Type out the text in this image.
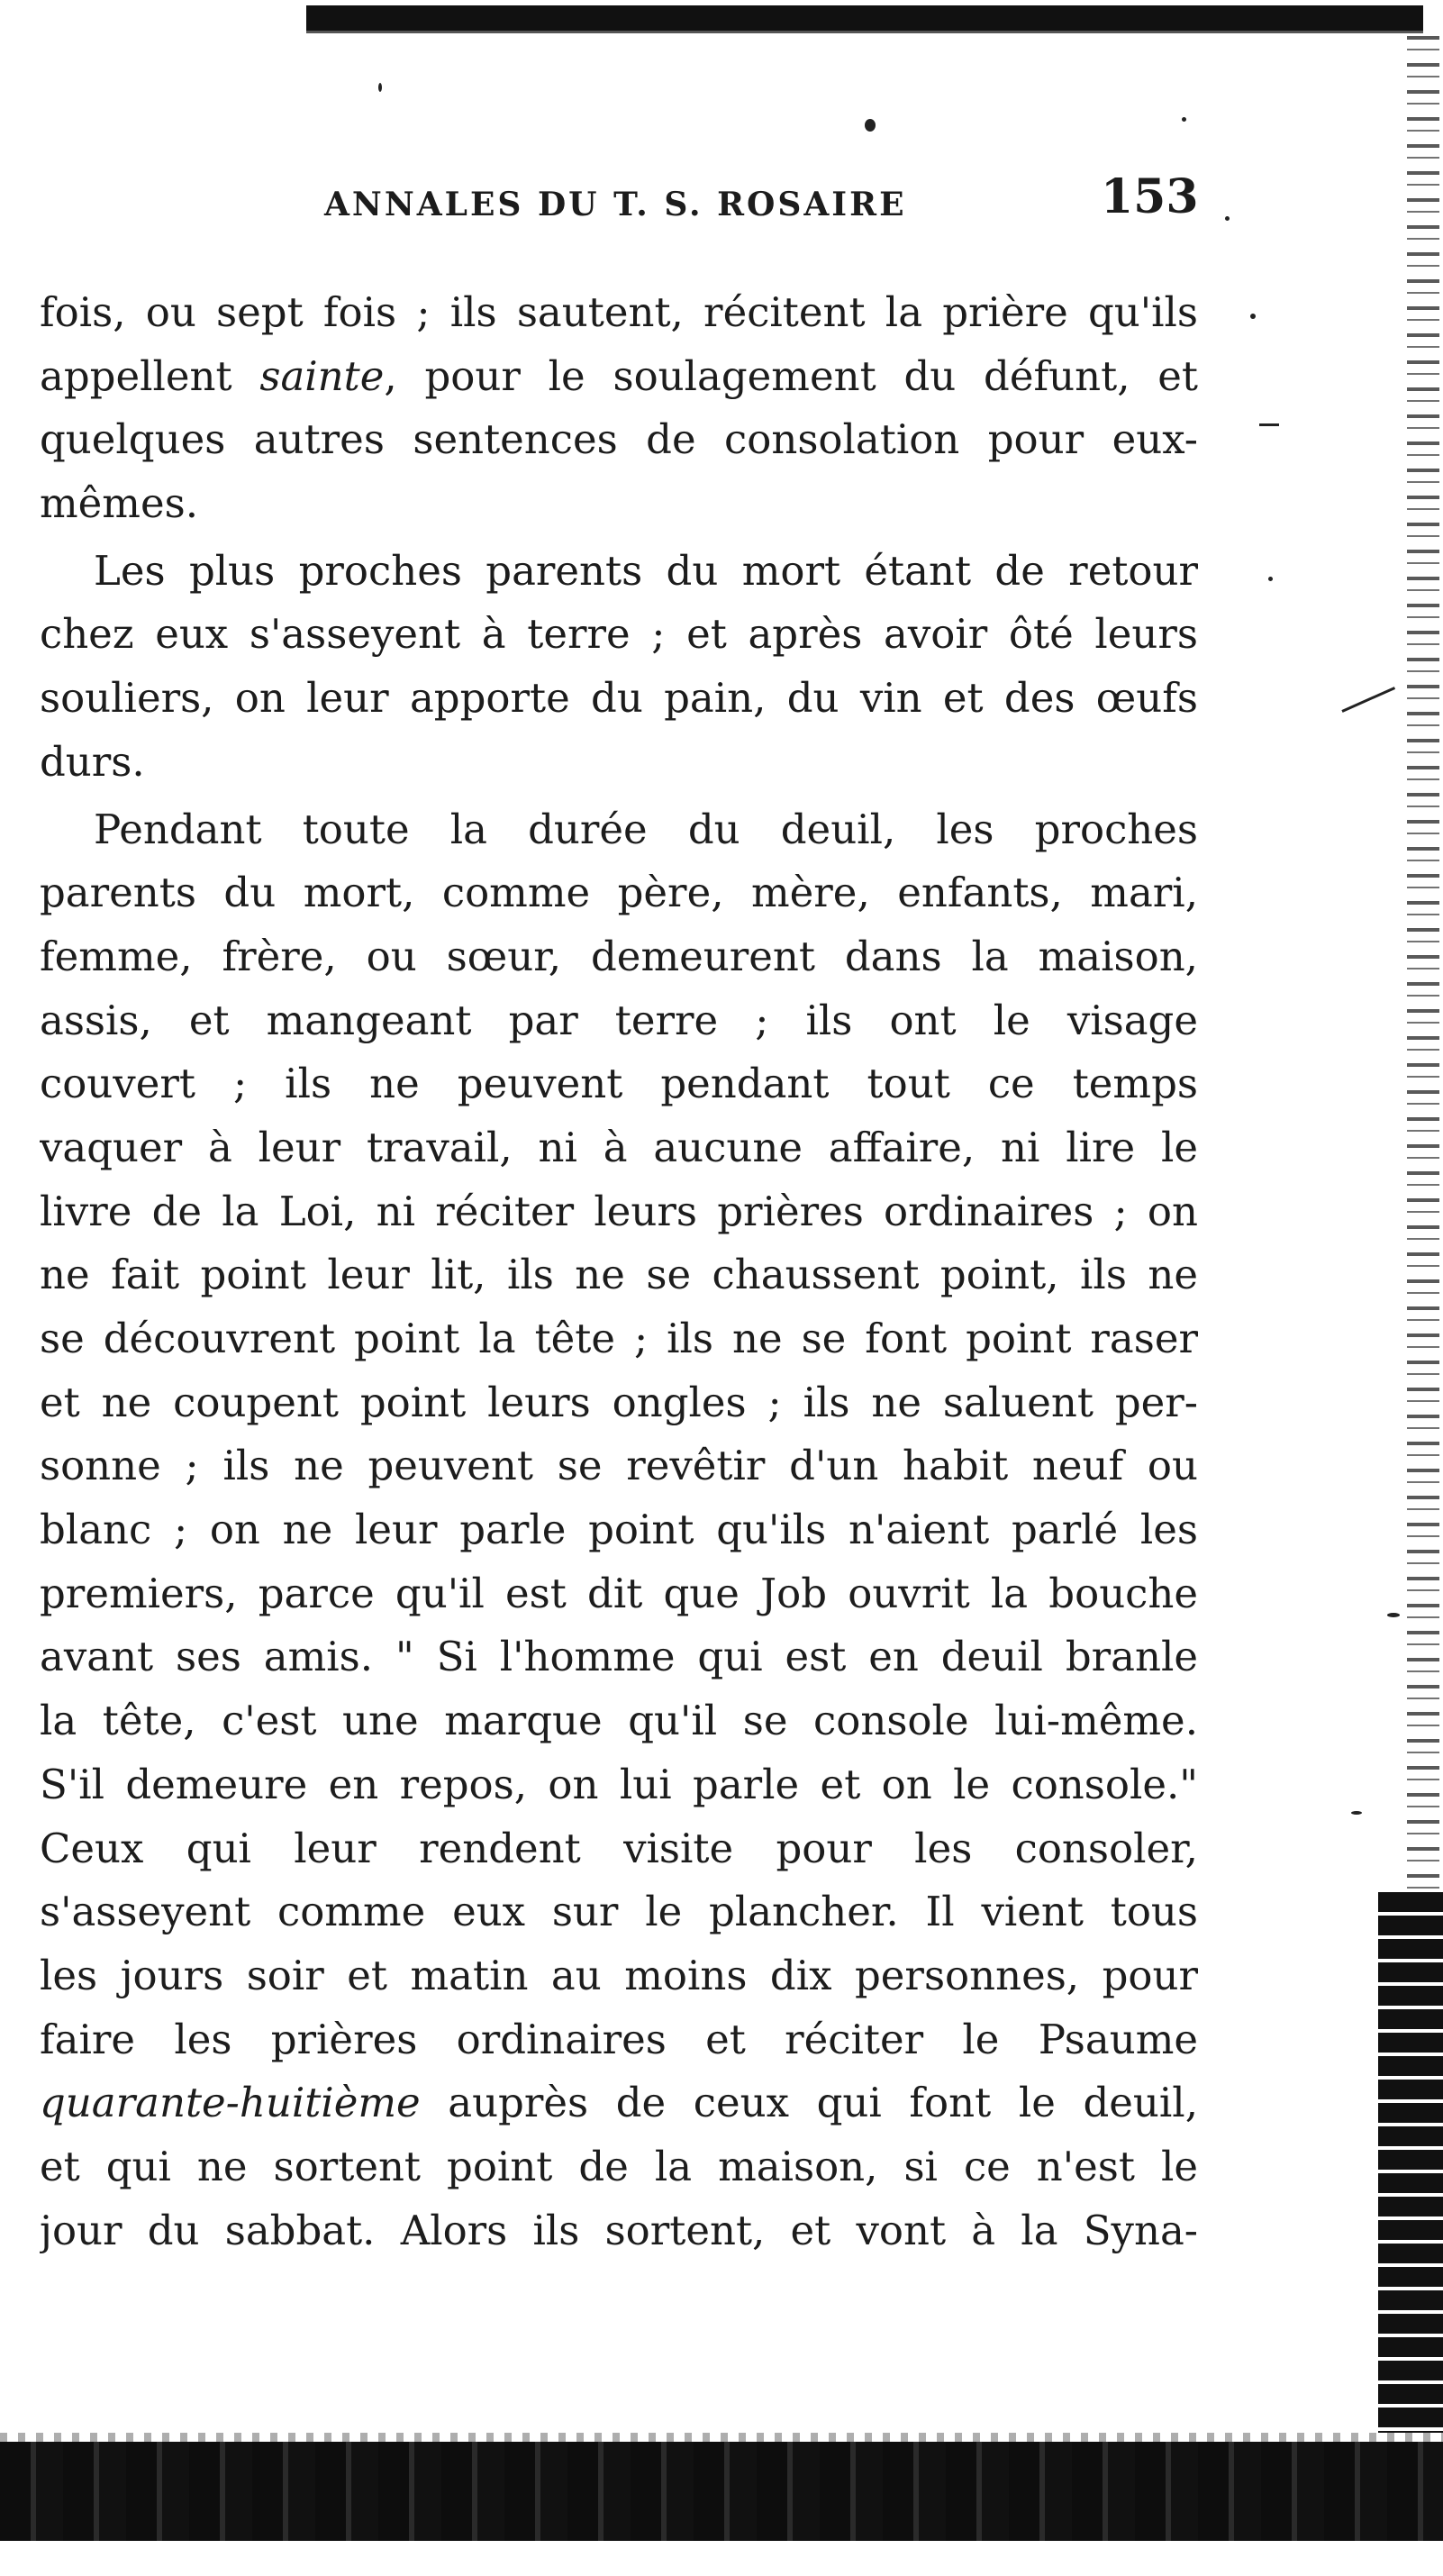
ANNALES DU T. S. ROSAIRE	153
fois, ou sept fois ; ils sautent, récitent la prière qu'ils
appellent sainte, pour le soulagement du défunt, et
quelques autres sentences de consolation pour eux-
mêmes.
Les plus proches parents du mort étant de retour
chez eux s'asseyent à terre ; et après avoir ôté leurs
souliers, on leur apporte du pain, du vin et des œufs
durs.
Pendant toute la durée du deuil, les proches
parents du mort, comme père, mère, enfants, mari,
femme, frère, ou sœur, demeurent dans la maison,
assis, et mangeant par terre ; ils ont le visage
couvert ; ils ne peuvent pendant tout ce temps
vaquer à leur travail, ni à aucune affaire, ni lire le
livre de la Loi, ni réciter leurs prières ordinaires ; on
ne fait point leur lit, ils ne se chaussent point, ils ne
se découvrent point la tête ; ils ne se font point raser
et ne coupent point leurs ongles ; ils ne saluent per-
sonne ; ils ne peuvent se revêtir d'un habit neuf ou
blanc ; on ne leur parle point qu'ils n'aient parlé les
premiers, parce qu'il est dit que Job ouvrit la bouche
avant ses amis. " Si l'homme qui est en deuil branle
la tête, c'est une marque qu'il se console lui-même.
S'il demeure en repos, on lui parle et on le console."
Ceux qui leur rendent visite pour les consoler,
s'asseyent comme eux sur le plancher. Il vient tous
les jours soir et matin au moins dix personnes, pour
faire les prières ordinaires et réciter le Psaume
quarante-huitième auprès de ceux qui font le deuil,
et qui ne sortent point de la maison, si ce n'est le
jour du sabbat. Alors ils sortent, et vont à la Syna-
